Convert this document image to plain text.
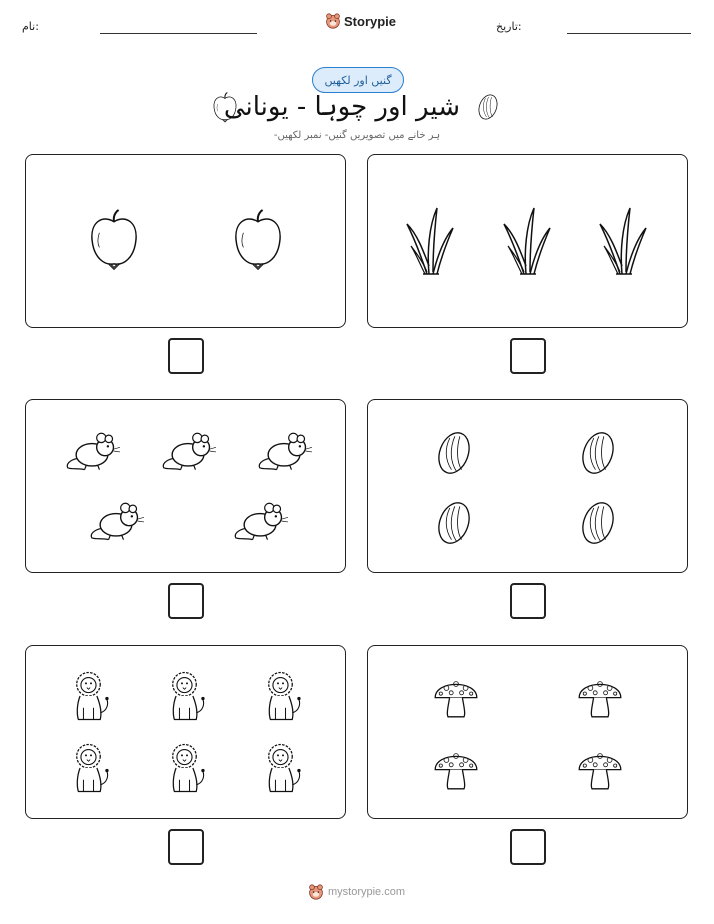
نام:	Storypie	تاریخ:
گنیں اور لکھیں
شیر اور چوہا - یونانی
ہر خانے میں تصویریں گنیں- نمبر لکھیں-
mystorypie.com
